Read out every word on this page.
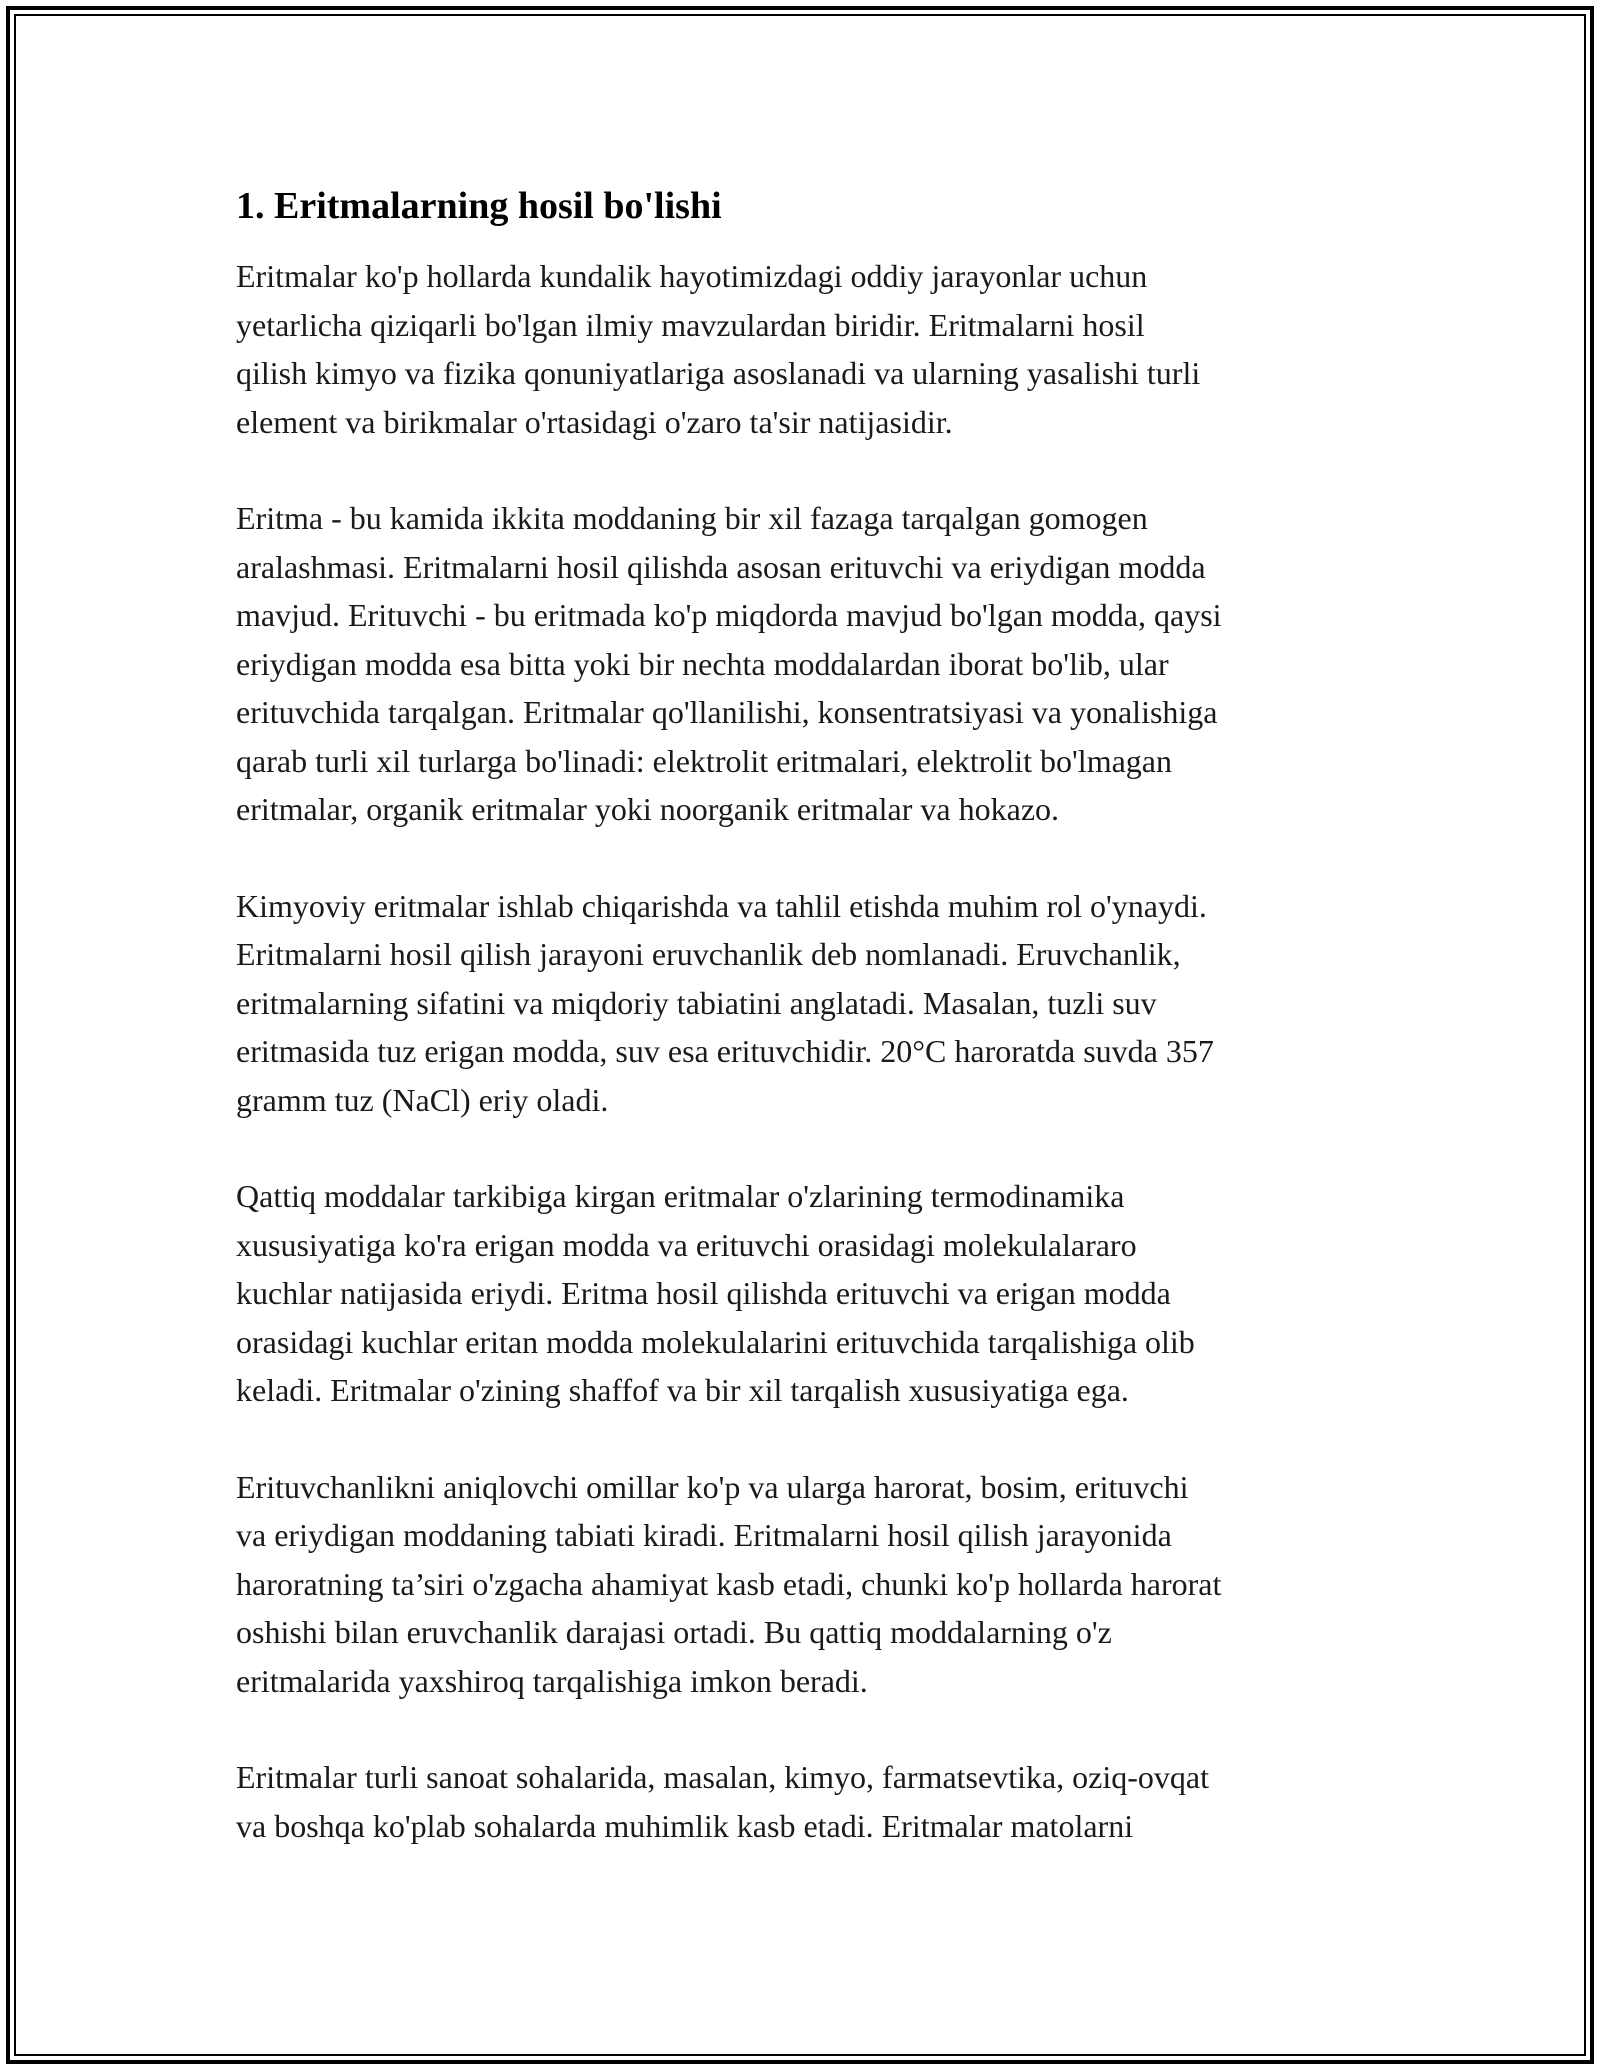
1. Eritmalarning hosil bo'lishi

Eritmalar ko'p hollarda kundalik hayotimizdagi oddiy jarayonlar uchun
yetarlicha qiziqarli bo'lgan ilmiy mavzulardan biridir. Eritmalarni hosil
qilish kimyo va fizika qonuniyatlariga asoslanadi va ularning yasalishi turli
element va birikmalar o'rtasidagi o'zaro ta'sir natijasidir.

Eritma - bu kamida ikkita moddaning bir xil fazaga tarqalgan gomogen
aralashmasi. Eritmalarni hosil qilishda asosan erituvchi va eriydigan modda
mavjud. Erituvchi - bu eritmada ko'p miqdorda mavjud bo'lgan modda, qaysi
eriydigan modda esa bitta yoki bir nechta moddalardan iborat bo'lib, ular
erituvchida tarqalgan. Eritmalar qo'llanilishi, konsentratsiyasi va yonalishiga
qarab turli xil turlarga bo'linadi: elektrolit eritmalari, elektrolit bo'lmagan
eritmalar, organik eritmalar yoki noorganik eritmalar va hokazo.

Kimyoviy eritmalar ishlab chiqarishda va tahlil etishda muhim rol o'ynaydi.
Eritmalarni hosil qilish jarayoni eruvchanlik deb nomlanadi. Eruvchanlik,
eritmalarning sifatini va miqdoriy tabiatini anglatadi. Masalan, tuzli suv
eritmasida tuz erigan modda, suv esa erituvchidir. 20°C haroratda suvda 357
gramm tuz (NaCl) eriy oladi.

Qattiq moddalar tarkibiga kirgan eritmalar o'zlarining termodinamika
xususiyatiga ko'ra erigan modda va erituvchi orasidagi molekulalararo
kuchlar natijasida eriydi. Eritma hosil qilishda erituvchi va erigan modda
orasidagi kuchlar eritan modda molekulalarini erituvchida tarqalishiga olib
keladi. Eritmalar o'zining shaffof va bir xil tarqalish xususiyatiga ega.

Erituvchanlikni aniqlovchi omillar ko'p va ularga harorat, bosim, erituvchi
va eriydigan moddaning tabiati kiradi. Eritmalarni hosil qilish jarayonida
haroratning ta’siri o'zgacha ahamiyat kasb etadi, chunki ko'p hollarda harorat
oshishi bilan eruvchanlik darajasi ortadi. Bu qattiq moddalarning o'z
eritmalarida yaxshiroq tarqalishiga imkon beradi.

Eritmalar turli sanoat sohalarida, masalan, kimyo, farmatsevtika, oziq-ovqat
va boshqa ko'plab sohalarda muhimlik kasb etadi. Eritmalar matolarni
